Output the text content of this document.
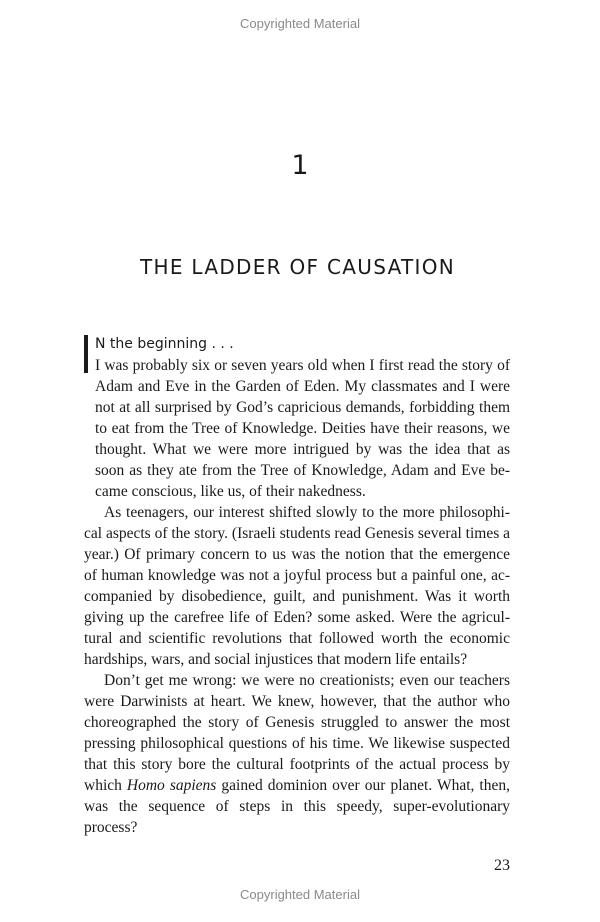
Copyrighted Material
1
THE LADDER OF CAUSATION
N the beginning . . .

I was probably six or seven years old when I first read the story of Adam and Eve in the Garden of Eden. My classmates and I were not at all surprised by God’s capricious demands, forbidding them to eat from the Tree of Knowledge. Deities have their reasons, we thought. What we were more intrigued by was the idea that as soon as they ate from the Tree of Knowledge, Adam and Eve became conscious, like us, of their nakedness.

As teenagers, our interest shifted slowly to the more philosophical aspects of the story. (Israeli students read Genesis several times a year.) Of primary concern to us was the notion that the emergence of human knowledge was not a joyful process but a painful one, accompanied by disobedience, guilt, and punishment. Was it worth giving up the carefree life of Eden? some asked. Were the agricultural and scientific revolutions that followed worth the economic hardships, wars, and social injustices that modern life entails?

Don’t get me wrong: we were no creationists; even our teachers were Darwinists at heart. We knew, however, that the author who choreographed the story of Genesis struggled to answer the most pressing philosophical questions of his time. We likewise suspected that this story bore the cultural footprints of the actual process by which Homo sapiens gained dominion over our planet. What, then, was the sequence of steps in this speedy, super-evolutionary process?

23
Copyrighted Material
